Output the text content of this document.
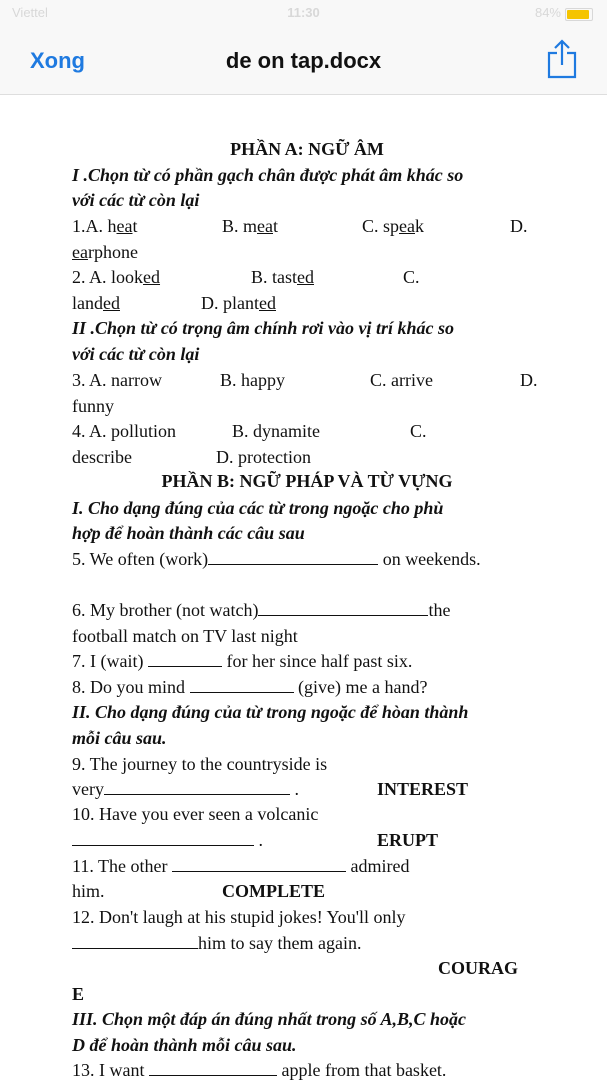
Viettel	11:30	84%
Xong	de on tap.docx
PHẦN A: NGỮ ÂM
I .Chọn từ có phần gạch chân được phát âm khác so
với các từ còn lại
1.A. heat	B. meat	C. speak	D.
earphone
2. A. looked	B. tasted	C.
landed	D. planted
II .Chọn từ có trọng âm chính rơi vào vị trí khác so
với các từ còn lại
3. A. narrow	B. happy	C. arrive	D.
funny
4. A. pollution	B. dynamite	C.
describe	D. protection
PHẦN B: NGỮ PHÁP VÀ TỪ VỰNG
I. Cho dạng đúng của các từ trong ngoặc cho phù
hợp để hoàn thành các câu sau
5. We often (work)	on weekends.
6. My brother (not watch)	the
football match on TV last night
7. I (wait)	for her since half past six.
8. Do you mind	(give) me a hand?
II. Cho dạng đúng của từ trong ngoặc để hòan thành
mỗi câu sau.
9. The journey to the countryside is
very	.	INTEREST
10. Have you ever seen a volcanic
.	ERUPT
11. The other	admired
him.	COMPLETE
12. Don't laugh at his stupid jokes! You'll only
him to say them again.
COURAG
E
III. Chọn một đáp án đúng nhất trong số A,B,C hoặc
D để hoàn thành mỗi câu sau.
13. I want	apple from that basket.
